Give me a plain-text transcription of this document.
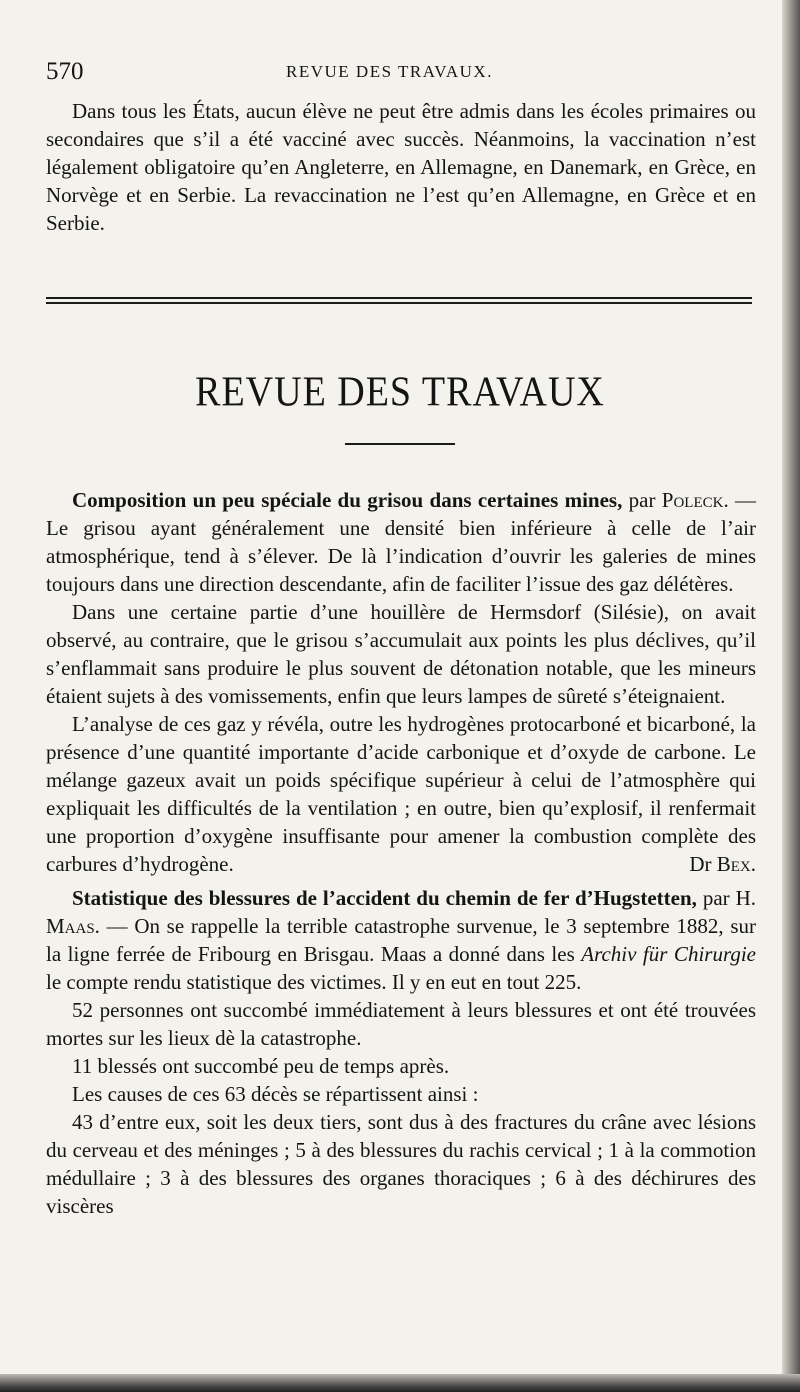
570	REVUE DES TRAVAUX.

Dans tous les États, aucun élève ne peut être admis dans les écoles primaires ou secondaires que s’il a été vacciné avec succès. Néanmoins, la vaccination n’est légalement obligatoire qu’en Angleterre, en Allemagne, en Danemark, en Grèce, en Norvège et en Serbie. La revaccination ne l’est qu’en Allemagne, en Grèce et en Serbie.

REVUE DES TRAVAUX

Composition un peu spéciale du grisou dans certaines mines, par Poleck. — Le grisou ayant généralement une densité bien inférieure à celle de l’air atmosphérique, tend à s’élever. De là l’indication d’ouvrir les galeries de mines toujours dans une direction descendante, afin de faciliter l’issue des gaz délétères.

Dans une certaine partie d’une houillère de Hermsdorf (Silésie), on avait observé, au contraire, que le grisou s’accumulait aux points les plus déclives, qu’il s’enflammait sans produire le plus souvent de détonation notable, que les mineurs étaient sujets à des vomissements, enfin que leurs lampes de sûreté s’éteignaient.

L’analyse de ces gaz y révéla, outre les hydrogènes protocarboné et bicarboné, la présence d’une quantité importante d’acide carbonique et d’oxyde de carbone. Le mélange gazeux avait un poids spécifique supérieur à celui de l’atmosphère qui expliquait les difficultés de la ventilation ; en outre, bien qu’explosif, il renfermait une proportion d’oxygène insuffisante pour amener la combustion complète des carbures d’hydrogène.	Dr Bex.

Statistique des blessures de l’accident du chemin de fer d’Hugstetten, par H. Maas. — On se rappelle la terrible catastrophe survenue, le 3 septembre 1882, sur la ligne ferrée de Fribourg en Brisgau. Maas a donné dans les Archiv für Chirurgie le compte rendu statistique des victimes. Il y en eut en tout 225.

52 personnes ont succombé immédiatement à leurs blessures et ont été trouvées mortes sur les lieux dè la catastrophe.

11 blessés ont succombé peu de temps après.

Les causes de ces 63 décès se répartissent ainsi :

43 d’entre eux, soit les deux tiers, sont dus à des fractures du crâne avec lésions du cerveau et des méninges ; 5 à des blessures du rachis cervical ; 1 à la commotion médullaire ; 3 à des blessures des organes thoraciques ; 6 à des déchirures des viscères
